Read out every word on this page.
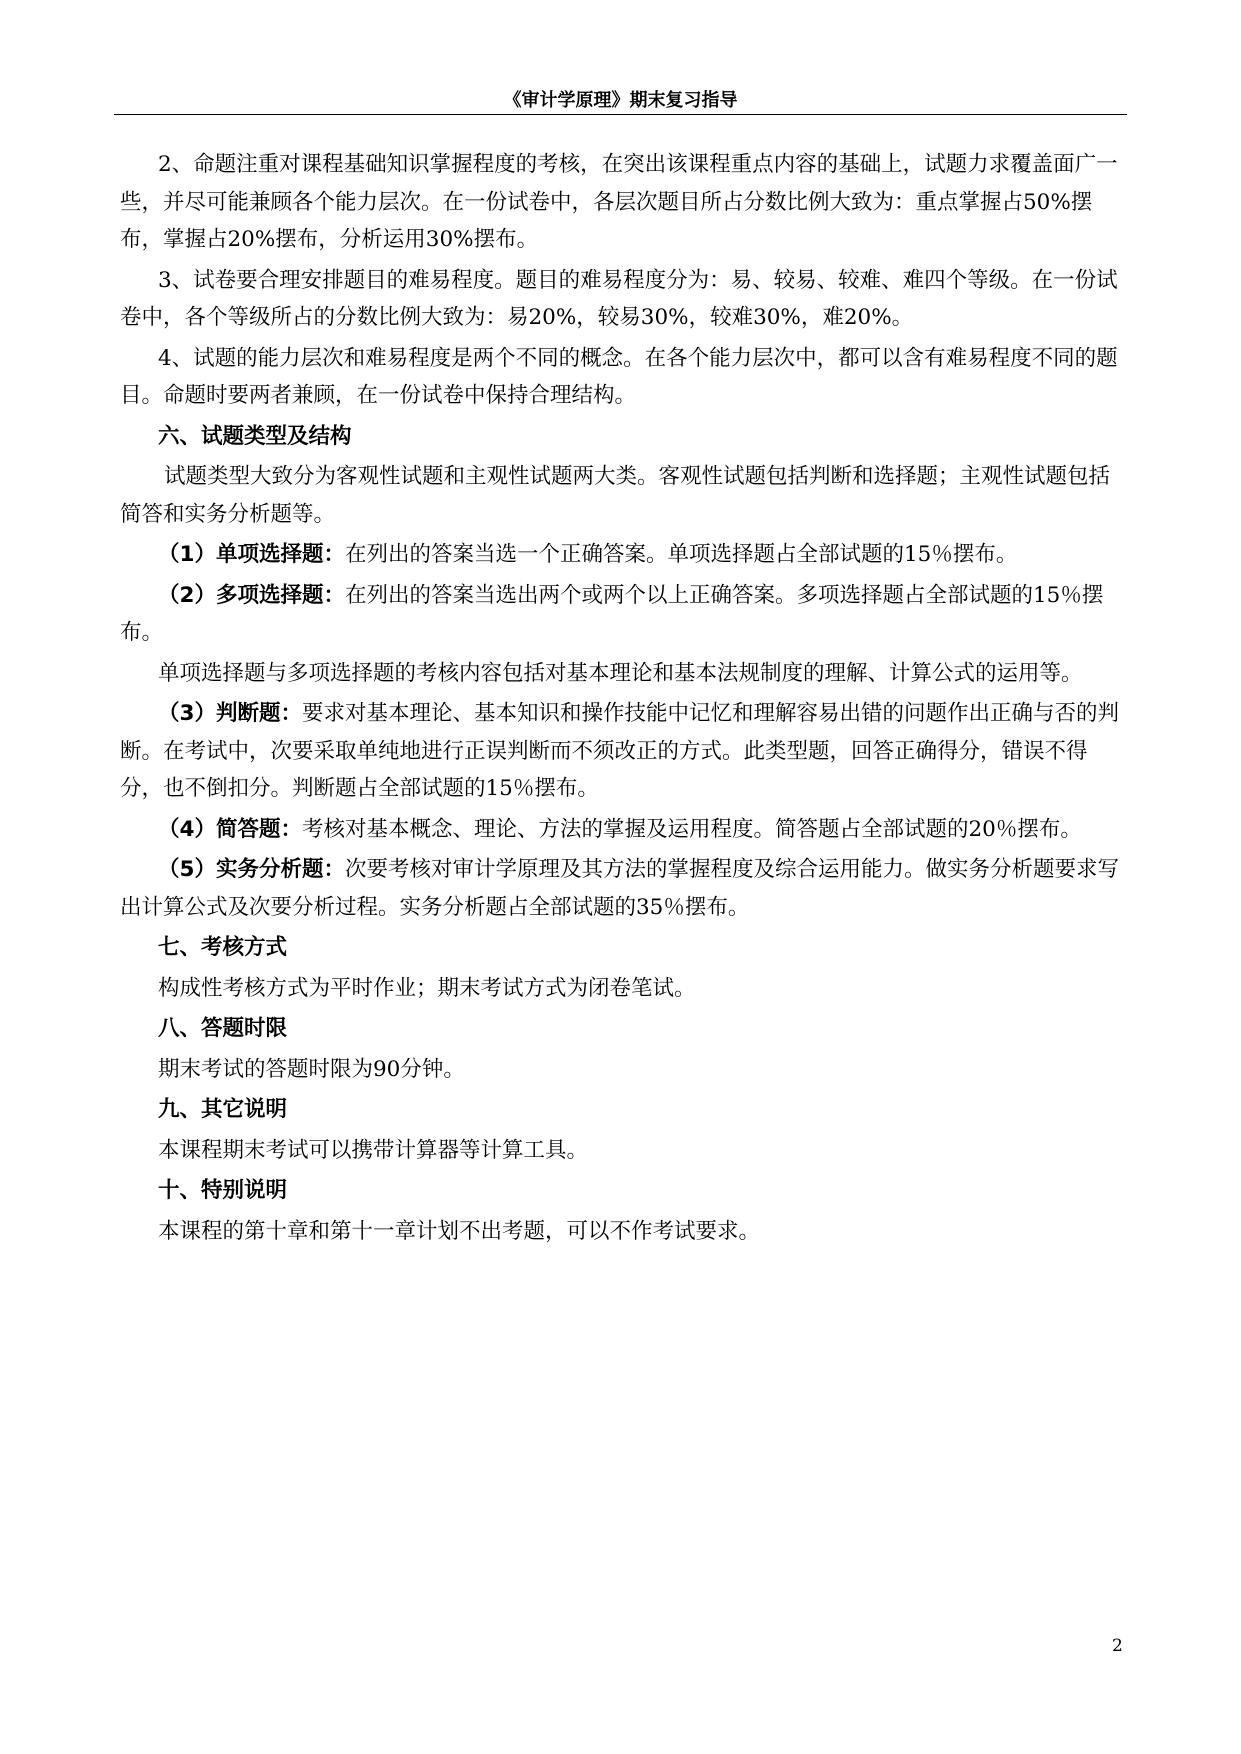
《审计学原理》期末复习指导

2、命题注重对课程基础知识掌握程度的考核，在突出该课程重点内容的基础上，试题力求覆盖面广一些，并尽可能兼顾各个能力层次。在一份试卷中，各层次题目所占分数比例大致为：重点掌握占50%摆布，掌握占20%摆布，分析运用30%摆布。

3、试卷要合理安排题目的难易程度。题目的难易程度分为：易、较易、较难、难四个等级。在一份试卷中，各个等级所占的分数比例大致为：易20%，较易30%，较难30%，难20%。

4、试题的能力层次和难易程度是两个不同的概念。在各个能力层次中，都可以含有难易程度不同的题目。命题时要两者兼顾，在一份试卷中保持合理结构。

六、试题类型及结构

试题类型大致分为客观性试题和主观性试题两大类。客观性试题包括判断和选择题；主观性试题包括简答和实务分析题等。

（1）单项选择题：在列出的答案当选一个正确答案。单项选择题占全部试题的15％摆布。

（2）多项选择题：在列出的答案当选出两个或两个以上正确答案。多项选择题占全部试题的15％摆布。

单项选择题与多项选择题的考核内容包括对基本理论和基本法规制度的理解、计算公式的运用等。

（3）判断题：要求对基本理论、基本知识和操作技能中记忆和理解容易出错的问题作出正确与否的判断。在考试中，次要采取单纯地进行正误判断而不须改正的方式。此类型题，回答正确得分，错误不得分，也不倒扣分。判断题占全部试题的15％摆布。

（4）简答题：考核对基本概念、理论、方法的掌握及运用程度。简答题占全部试题的20％摆布。

（5）实务分析题：次要考核对审计学原理及其方法的掌握程度及综合运用能力。做实务分析题要求写出计算公式及次要分析过程。实务分析题占全部试题的35％摆布。

七、考核方式

构成性考核方式为平时作业；期末考试方式为闭卷笔试。

八、答题时限

期末考试的答题时限为90分钟。

九、其它说明

本课程期末考试可以携带计算器等计算工具。

十、特别说明

本课程的第十章和第十一章计划不出考题，可以不作考试要求。

2
